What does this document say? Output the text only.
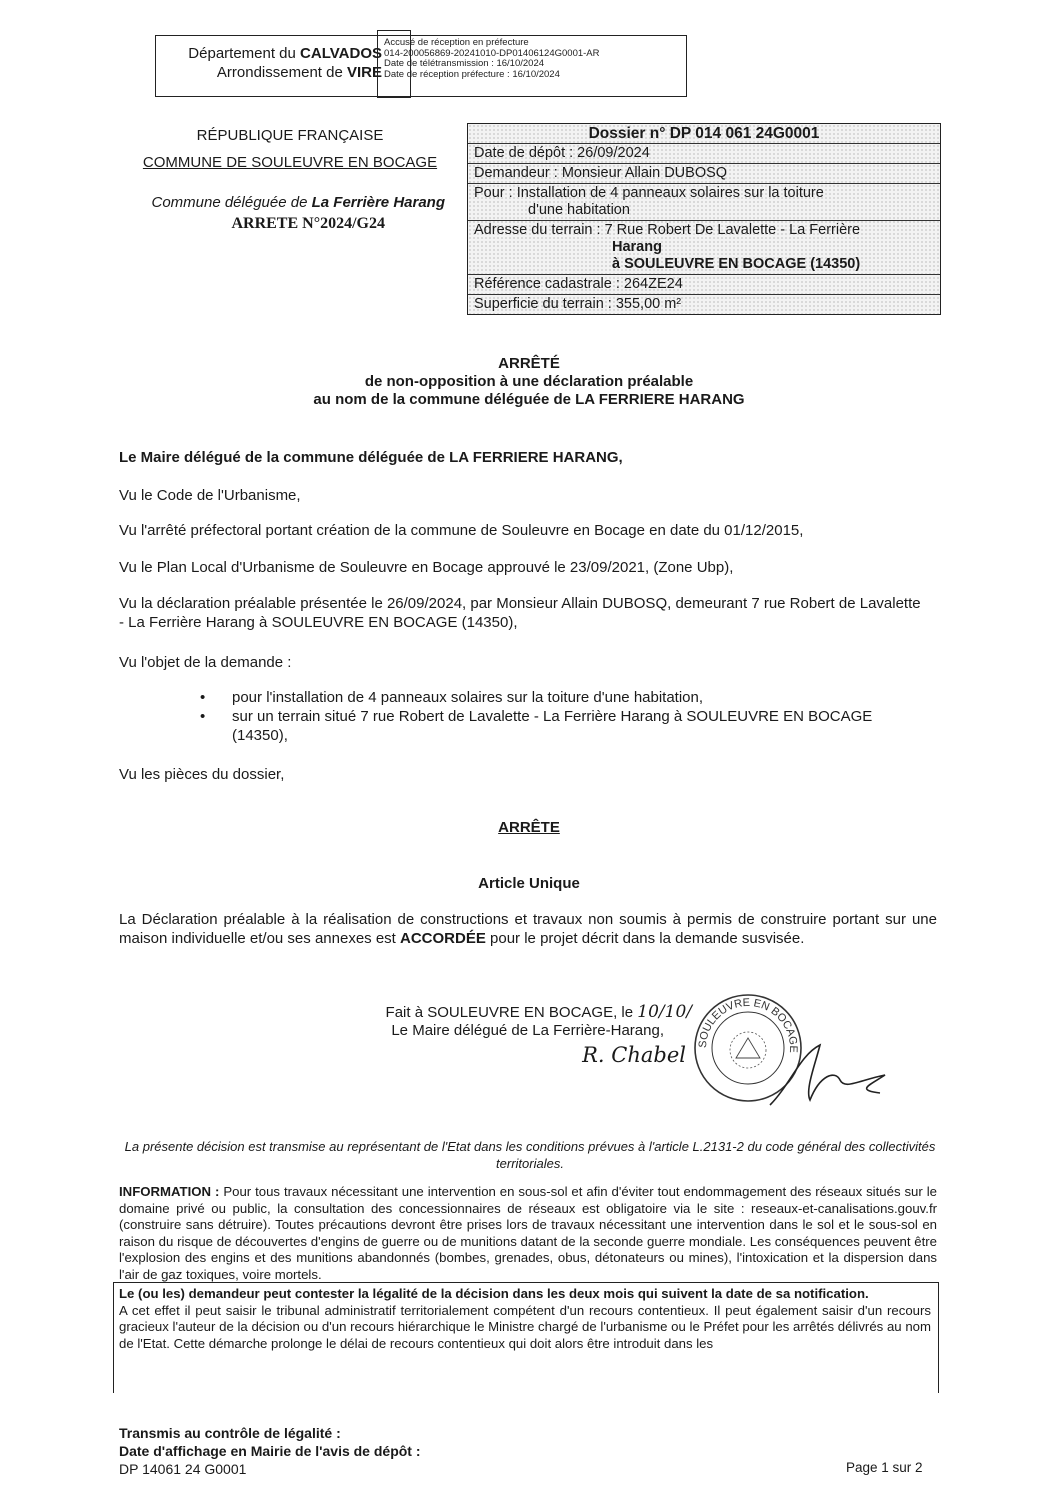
Département du CALVADOS
Arrondissement de VIRE
Accusé de réception en préfecture
014-200056869-20241010-DP01406124G0001-AR
Date de télétransmission : 16/10/2024
Date de réception préfecture : 16/10/2024
RÉPUBLIQUE FRANÇAISE
COMMUNE DE SOULEUVRE EN BOCAGE
Commune déléguée de La Ferrière Harang
ARRETE N°2024/G24
Dossier n° DP 014 061 24G0001
Date de dépôt : 26/09/2024
Demandeur : Monsieur Allain DUBOSQ
Pour : Installation de 4 panneaux solaires sur la toiture
d'une habitation
Adresse du terrain : 7 Rue Robert De Lavalette - La Ferrière
Harang
à SOULEUVRE EN BOCAGE (14350)
Référence cadastrale : 264ZE24
Superficie du terrain : 355,00 m²
ARRÊTÉ
de non-opposition à une déclaration préalable
au nom de la commune déléguée de LA FERRIERE HARANG
Le Maire délégué de la commune déléguée de LA FERRIERE HARANG,
Vu le Code de l'Urbanisme,
Vu l'arrêté préfectoral portant création de la commune de Souleuvre en Bocage en date du 01/12/2015,
Vu le Plan Local d'Urbanisme de Souleuvre en Bocage approuvé le 23/09/2021, (Zone Ubp),
Vu la déclaration préalable présentée le 26/09/2024, par Monsieur Allain DUBOSQ, demeurant 7 rue Robert de Lavalette - La Ferrière Harang à SOULEUVRE EN BOCAGE (14350),
Vu l'objet de la demande :
• pour l'installation de 4 panneaux solaires sur la toiture d'une habitation,
• sur un terrain situé 7 rue Robert de Lavalette - La Ferrière Harang à SOULEUVRE EN BOCAGE (14350),
Vu les pièces du dossier,
ARRÊTE
Article Unique
La Déclaration préalable à la réalisation de constructions et travaux non soumis à permis de construire portant sur une maison individuelle et/ou ses annexes est ACCORDÉE pour le projet décrit dans la demande susvisée.
Fait à SOULEUVRE EN BOCAGE, le 10/10/
Le Maire délégué de La Ferrière-Harang,
R. Chabel SOULEUVRE EN BOCAGE
La présente décision est transmise au représentant de l'Etat dans les conditions prévues à l'article L.2131-2 du code général des collectivités territoriales.
INFORMATION : Pour tous travaux nécessitant une intervention en sous-sol et afin d'éviter tout endommagement des réseaux situés sur le domaine privé ou public, la consultation des concessionnaires de réseaux est obligatoire via le site : reseaux-et-canalisations.gouv.fr (construire sans détruire). Toutes précautions devront être prises lors de travaux nécessitant une intervention dans le sol et le sous-sol en raison du risque de découvertes d'engins de guerre ou de munitions datant de la seconde guerre mondiale. Les conséquences peuvent être l'explosion des engins et des munitions abandonnés (bombes, grenades, obus, détonateurs ou mines), l'intoxication et la dispersion dans l'air de gaz toxiques, voire mortels.
Le (ou les) demandeur peut contester la légalité de la décision dans les deux mois qui suivent la date de sa notification.
A cet effet il peut saisir le tribunal administratif territorialement compétent d'un recours contentieux. Il peut également saisir d'un recours gracieux l'auteur de la décision ou d'un recours hiérarchique le Ministre chargé de l'urbanisme ou le Préfet pour les arrêtés délivrés au nom de l'Etat. Cette démarche prolonge le délai de recours contentieux qui doit alors être introduit dans les
Transmis au contrôle de légalité :
Date d'affichage en Mairie de l'avis de dépôt :
DP 14061 24 G0001	Page 1 sur 2
